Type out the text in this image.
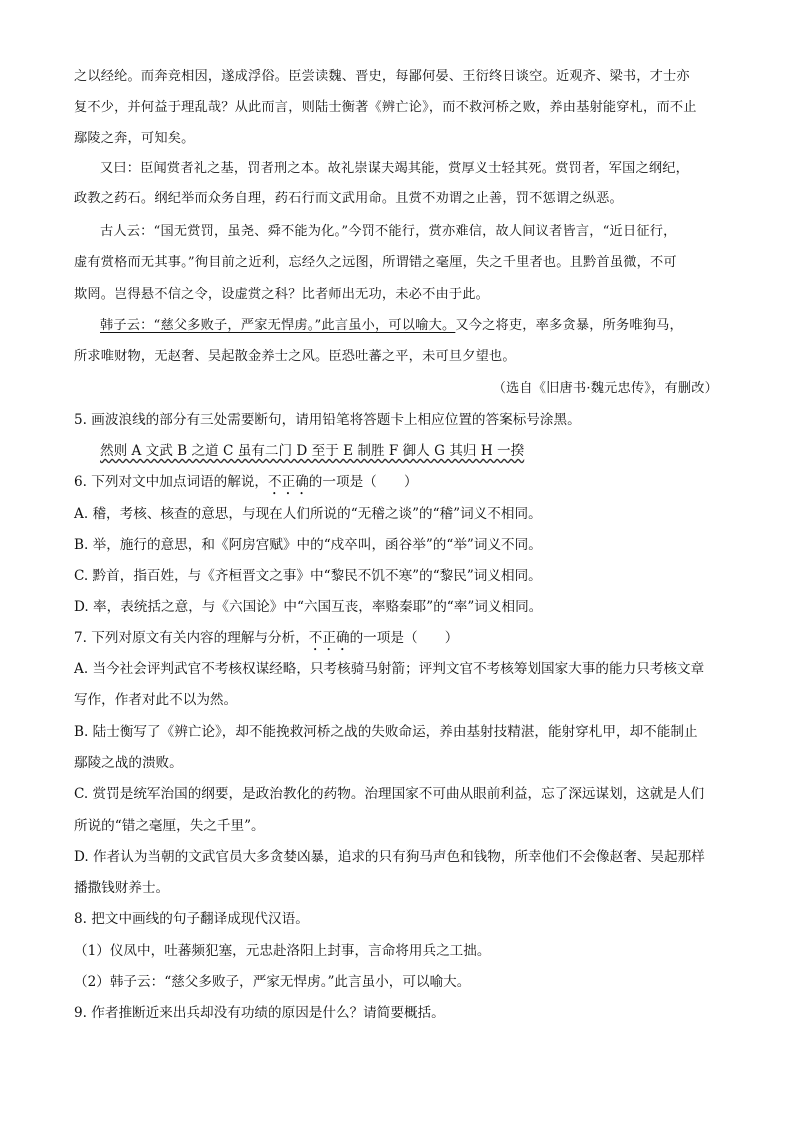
之以经纶。而奔竞相因，遂成浮俗。臣尝读魏、晋史，每鄙何晏、王衍终日谈空。近观齐、梁书，才士亦
复不少，并何益于理乱哉？从此而言，则陆士衡著《辨亡论》，而不救河桥之败，养由基射能穿札，而不止
鄢陵之奔，可知矣。
又曰：臣闻赏者礼之基，罚者刑之本。故礼崇谋夫竭其能，赏厚义士轻其死。赏罚者，军国之纲纪，
政教之药石。纲纪举而众务自理，药石行而文武用命。且赏不劝谓之止善，罚不惩谓之纵恶。
古人云：“国无赏罚，虽尧、舜不能为化。”今罚不能行，赏亦难信，故人间议者皆言，“近日征行，
虚有赏格而无其事。”徇目前之近利，忘经久之远图，所谓错之毫厘，失之千里者也。且黔首虽微，不可
欺罔。岂得悬不信之令，设虚赏之科？比者师出无功，未必不由于此。
韩子云：“慈父多败子，严家无悍虏。”此言虽小，可以喻大。又今之将吏，率多贪暴，所务唯狗马，
所求唯财物，无赵奢、吴起散金养士之风。臣恐吐蕃之平，未可旦夕望也。
（选自《旧唐书·魏元忠传》，有删改）
5. 画波浪线的部分有三处需要断句，请用铅笔将答题卡上相应位置的答案标号涂黑。
然则 A 文武 B 之道 C 虽有二门 D 至于 E 制胜 F 御人 G 其归 H 一揆
6. 下列对文中加点词语的解说，不正确的一项是（　　）
A. 稽，考核、核查的意思，与现在人们所说的“无稽之谈”的“稽”词义不相同。
B. 举，施行的意思，和《阿房宫赋》中的“戍卒叫，函谷举”的“举”词义不同。
C. 黔首，指百姓，与《齐桓晋文之事》中“黎民不饥不寒”的“黎民”词义相同。
D. 率，表统括之意，与《六国论》中“六国互丧，率赂秦耶”的“率”词义相同。
7. 下列对原文有关内容的理解与分析，不正确的一项是（　　）
A. 当今社会评判武官不考核权谋经略，只考核骑马射箭；评判文官不考核筹划国家大事的能力只考核文章
写作，作者对此不以为然。
B. 陆士衡写了《辨亡论》，却不能挽救河桥之战的失败命运，养由基射技精湛，能射穿札甲，却不能制止
鄢陵之战的溃败。
C. 赏罚是统军治国的纲要，是政治教化的药物。治理国家不可曲从眼前利益，忘了深远谋划，这就是人们
所说的“错之毫厘，失之千里”。
D. 作者认为当朝的文武官员大多贪婪凶暴，追求的只有狗马声色和钱物，所幸他们不会像赵奢、吴起那样
播撒钱财养士。
8. 把文中画线的句子翻译成现代汉语。
（1）仪凤中，吐蕃频犯塞，元忠赴洛阳上封事，言命将用兵之工拙。
（2）韩子云：“慈父多败子，严家无悍虏。”此言虽小，可以喻大。
9. 作者推断近来出兵却没有功绩的原因是什么？请简要概括。
